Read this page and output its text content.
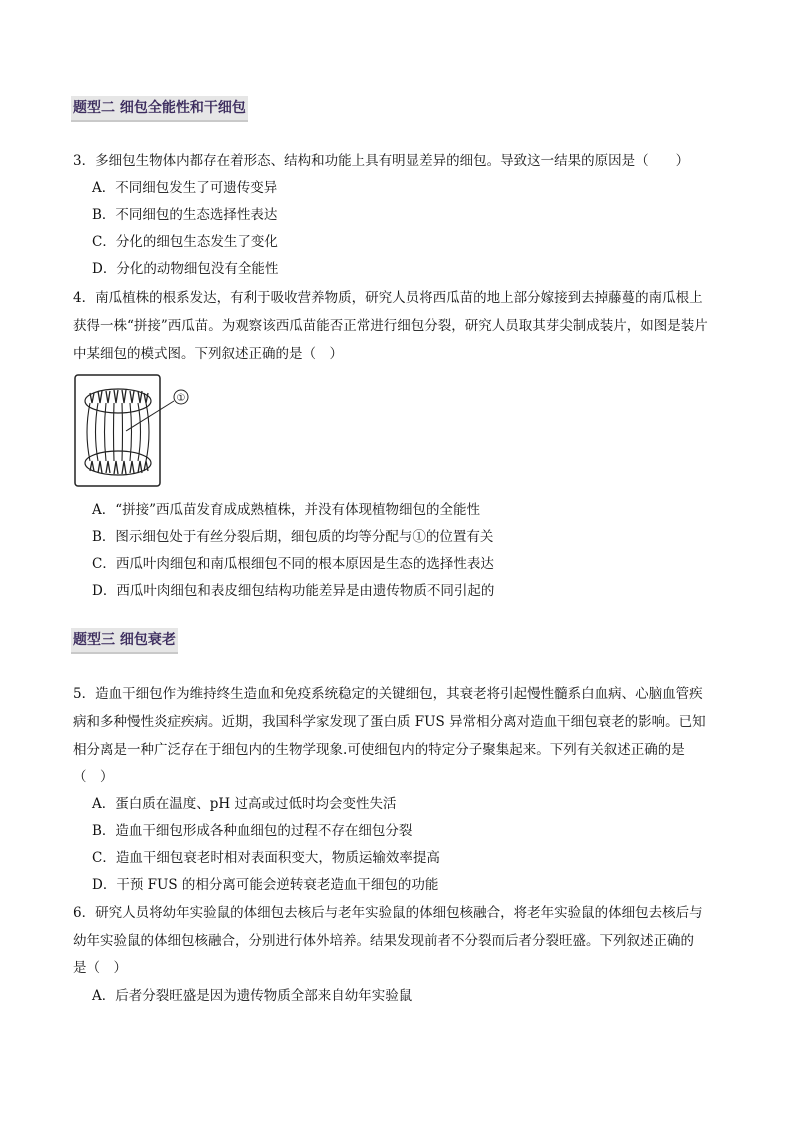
题型二 细包全能性和干细包
3．多细包生物体内都存在着形态、结构和功能上具有明显差异的细包。导致这一结果的原因是（　　）
A．不同细包发生了可遗传变异
B．不同细包的生态选择性表达
C．分化的细包生态发生了变化
D．分化的动物细包没有全能性
4．南瓜植株的根系发达，有利于吸收营养物质，研究人员将西瓜苗的地上部分嫁接到去掉藤蔓的南瓜根上
获得一株“拼接”西瓜苗。为观察该西瓜苗能否正常进行细包分裂，研究人员取其芽尖制成装片，如图是装片
中某细包的模式图。下列叙述正确的是（　）
①
A．“拼接”西瓜苗发育成成熟植株，并没有体现植物细包的全能性
B．图示细包处于有丝分裂后期，细包质的均等分配与①的位置有关
C．西瓜叶肉细包和南瓜根细包不同的根本原因是生态的选择性表达
D．西瓜叶肉细包和表皮细包结构功能差异是由遗传物质不同引起的
题型三 细包衰老
5．造血干细包作为维持终生造血和免疫系统稳定的关键细包，其衰老将引起慢性髓系白血病、心脑血管疾
病和多种慢性炎症疾病。近期，我国科学家发现了蛋白质 FUS 异常相分离对造血干细包衰老的影响。已知
相分离是一种广泛存在于细包内的生物学现象.可使细包内的特定分子聚集起来。下列有关叙述正确的是
（　）
A．蛋白质在温度、pH 过高或过低时均会变性失活
B．造血干细包形成各种血细包的过程不存在细包分裂
C．造血干细包衰老时相对表面积变大，物质运输效率提高
D．干预 FUS 的相分离可能会逆转衰老造血干细包的功能
6．研究人员将幼年实验鼠的体细包去核后与老年实验鼠的体细包核融合，将老年实验鼠的体细包去核后与
幼年实验鼠的体细包核融合，分别进行体外培养。结果发现前者不分裂而后者分裂旺盛。下列叙述正确的
是（　）
A．后者分裂旺盛是因为遗传物质全部来自幼年实验鼠
